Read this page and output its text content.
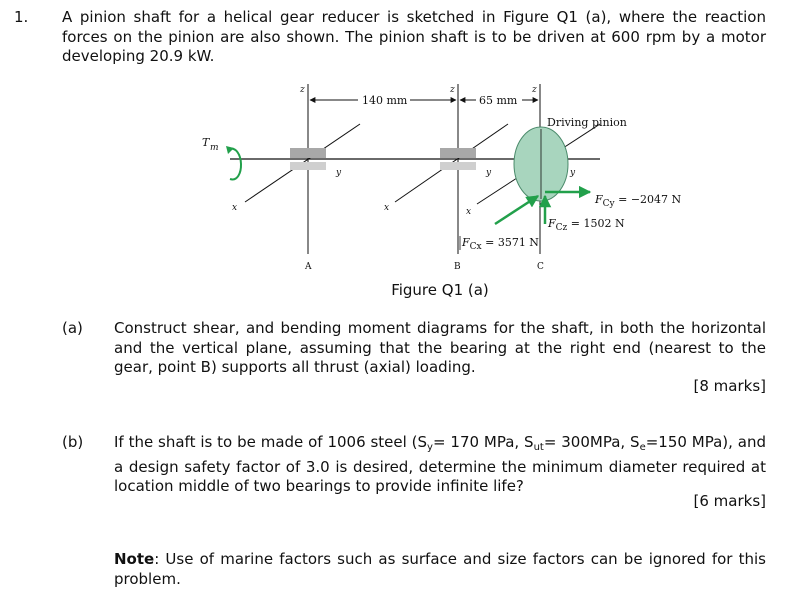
1. A pinion shaft for a helical gear reducer is sketched in Figure Q1 (a), where the reaction forces on the pinion are also shown. The pinion shaft is to be driven at 600 rpm by a motor developing 20.9 kW.
T m
140 mm	65 mm
z	z	z
y	y	y
x	x	x
Driving pinion
$F_{Cy} = -2047$ N
$F_{Cz} = 1502$ N
$F_{Cx} = 3571$ N
A	B	C
Figure Q1 (a)
(a) Construct shear, and bending moment diagrams for the shaft, in both the horizontal and the vertical plane, assuming that the bearing at the right end (nearest to the gear, point B) supports all thrust (axial) loading.
[8 marks]
(b) If the shaft is to be made of 1006 steel ($S_y= 170$ MPa, $S_{ut}= 300MPa$, $S_e=150$ MPa), and a design safety factor of 3.0 is desired, determine the minimum diameter required at location middle of two bearings to provide infinite life?
[6 marks]
Note: Use of marine factors such as surface and size factors can be ignored for this problem.
